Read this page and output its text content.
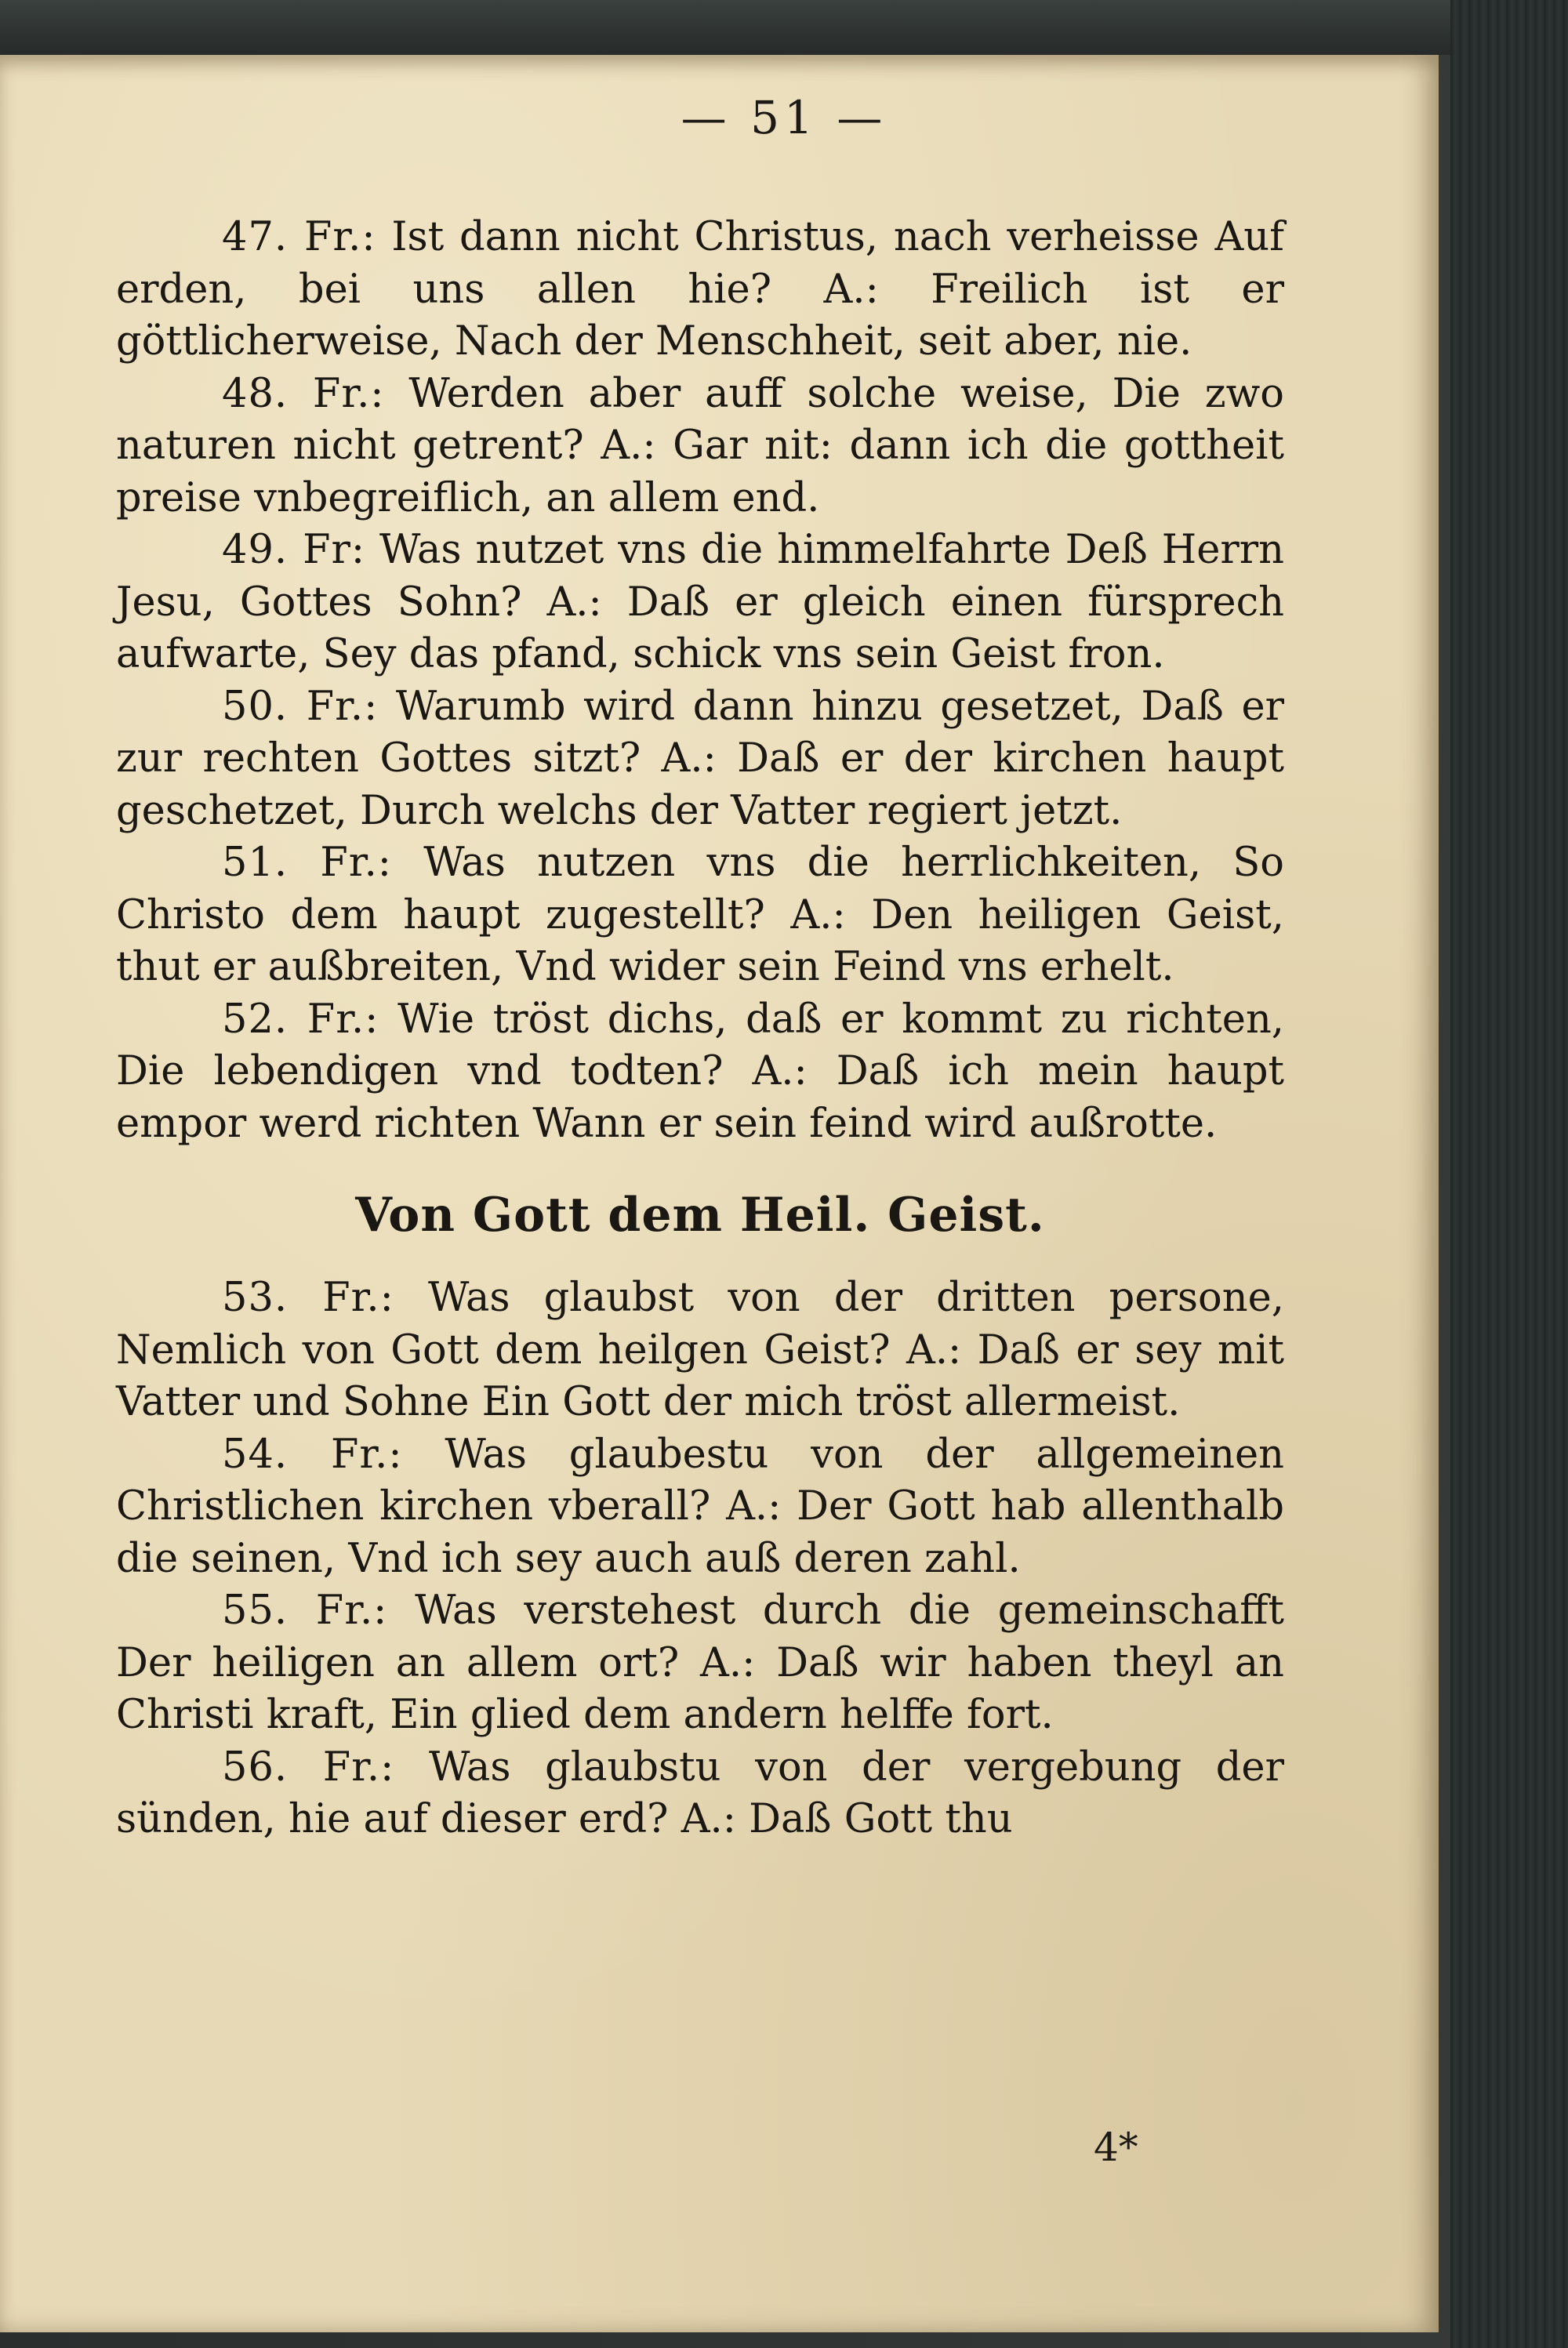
— 51 —

47. Fr.: Ist dann nicht Christus, nach verheisse Auf erden, bei uns allen hie? A.: Freilich ist er göttlicherweise, Nach der Menschheit, seit aber, nie.

48. Fr.: Werden aber auff solche weise, Die zwo naturen nicht getrent? A.: Gar nit: dann ich die gottheit preise vnbegreiflich, an allem end.

49. Fr: Was nutzet vns die himmelfahrte Deß Herrn Jesu, Gottes Sohn? A.: Daß er gleich einen fürsprech aufwarte, Sey das pfand, schick vns sein Geist fron.

50. Fr.: Warumb wird dann hinzu gesetzet, Daß er zur rechten Gottes sitzt? A.: Daß er der kirchen haupt geschetzet, Durch welchs der Vatter regiert jetzt.

51. Fr.: Was nutzen vns die herrlichkeiten, So Christo dem haupt zugestellt? A.: Den heiligen Geist, thut er außbreiten, Vnd wider sein Feind vns erhelt.

52. Fr.: Wie tröst dichs, daß er kommt zu richten, Die lebendigen vnd todten? A.: Daß ich mein haupt empor werd richten Wann er sein feind wird außrotte.

Von Gott dem Heil. Geist.

53. Fr.: Was glaubst von der dritten persone, Nemlich von Gott dem heilgen Geist? A.: Daß er sey mit Vatter und Sohne Ein Gott der mich tröst allermeist.

54. Fr.: Was glaubestu von der allgemeinen Christlichen kirchen vberall? A.: Der Gott hab allenthalb die seinen, Vnd ich sey auch auß deren zahl.

55. Fr.: Was verstehest durch die gemeinschafft Der heiligen an allem ort? A.: Daß wir haben theyl an Christi kraft, Ein glied dem andern helffe fort.

56. Fr.: Was glaubstu von der vergebung der sünden, hie auf dieser erd? A.: Daß Gott thu

4*
